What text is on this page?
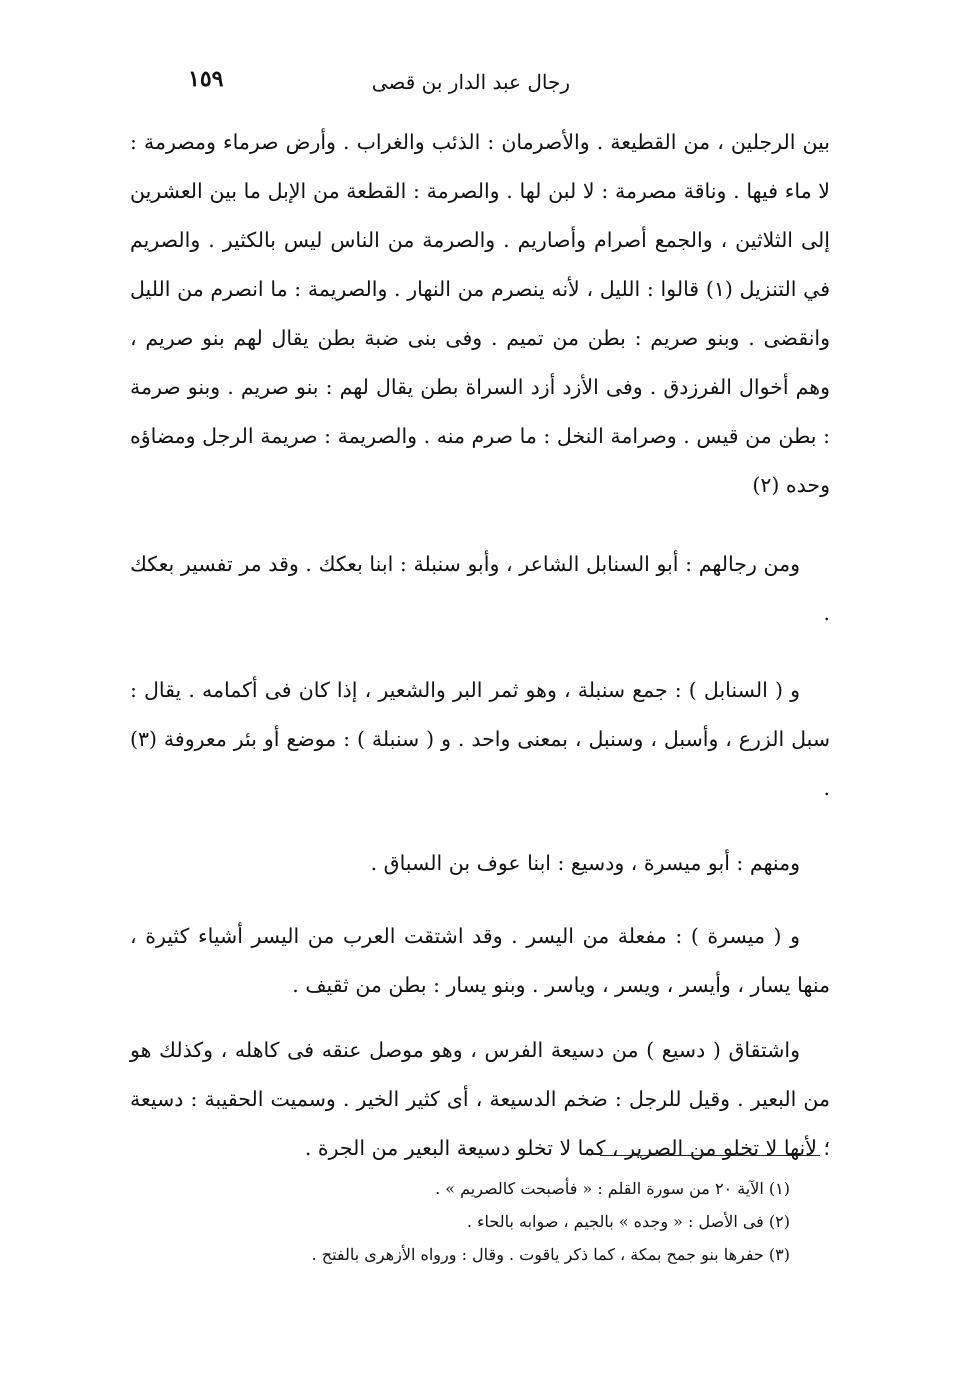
رجال عبد الدار بن قصى
١٥٩

بين الرجلين ، من القطيعة . والأصرمان : الذئب والغراب . وأرض صرماء ومصرمة : لا ماء فيها . وناقة مصرمة : لا لبن لها . والصرمة : القطعة من الإبل ما بين العشرين إلى الثلاثين ، والجمع أصرام وأصاريم . والصرمة من الناس ليس بالكثير . والصريم في التنزيل (١) قالوا : الليل ، لأنه ينصرم من النهار . والصريمة : ما انصرم من الليل وانقضى . وبنو صريم : بطن من تميم . وفى بنى ضبة بطن يقال لهم بنو صريم ، وهم أخوال الفرزدق . وفى الأزد أزد السراة بطن يقال لهم : بنو صريم . وبنو صرمة : بطن من قيس . وصرامة النخل : ما صرم منه . والصريمة : صريمة الرجل ومضاؤه وحده (٢)

ومن رجالهم : أبو السنابل الشاعر ، وأبو سنبلة : ابنا بعكك . وقد مر تفسير بعكك .

و ( السنابل ) : جمع سنبلة ، وهو ثمر البر والشعير ، إذا كان فى أكمامه . يقال : سبل الزرع ، وأسبل ، وسنبل ، بمعنى واحد . و ( سنبلة ) : موضع أو بئر معروفة (٣) .

ومنهم : أبو ميسرة ، ودسيع : ابنا عوف بن السباق .

و ( ميسرة ) : مفعلة من اليسر . وقد اشتقت العرب من اليسر أشياء كثيرة ، منها يسار ، وأيسر ، ويسر ، وياسر . وبنو يسار : بطن من ثقيف .

واشتقاق ( دسيع ) من دسيعة الفرس ، وهو موصل عنقه فى كاهله ، وكذلك هو من البعير . وقيل للرجل : ضخم الدسيعة ، أى كثير الخير . وسميت الحقيبة : دسيعة ؛ لأنها لا تخلو من الصرير ، كما لا تخلو دسيعة البعير من الجرة .

(١) الآية ٢٠ من سورة القلم : « فأصبحت كالصريم » .

(٢) فى الأصل : « وجده » بالجيم ، صوابه بالحاء .

(٣) حفرها بنو جمح بمكة ، كما ذكر ياقوت . وقال : ورواه الأزهرى بالفتح .
